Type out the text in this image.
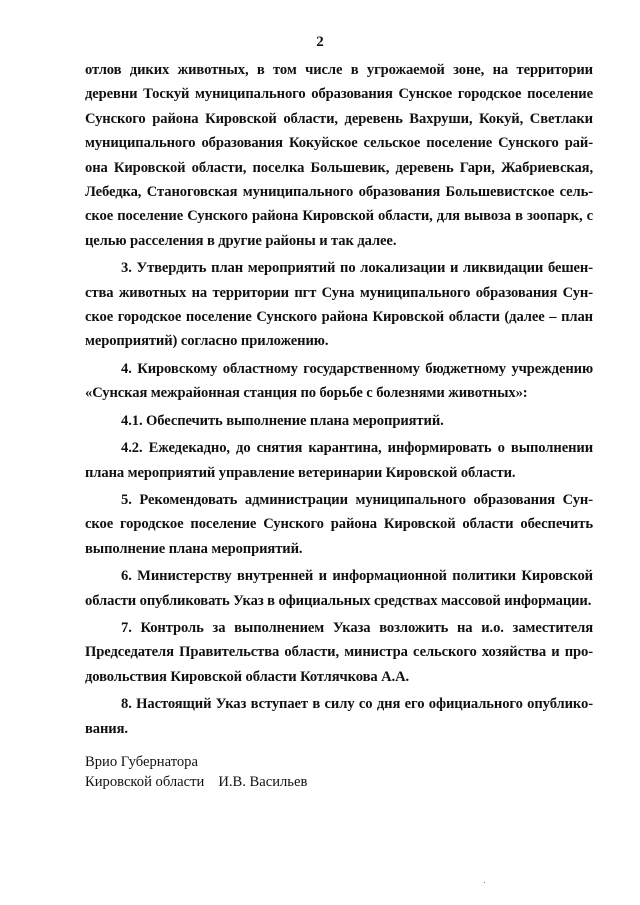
2
отлов диких животных, в том числе в угрожаемой зоне, на территории
деревни Тоскуй муниципального образования Сунское городское поселение
Сунского района Кировской области, деревень Вахруши, Кокуй, Светлаки
муниципального образования Кокуйское сельское поселение Сунского рай-
она Кировской области, поселка Большевик, деревень Гари, Жабриевская,
Лебедка, Станоговская муниципального образования Большевистское сель-
ское поселение Сунского района Кировской области, для вывоза в зоопарк, с
целью расселения в другие районы и так далее.
3. Утвердить план мероприятий по локализации и ликвидации бешен-
ства животных на территории пгт Суна муниципального образования Сун-
ское городское поселение Сунского района Кировской области (далее – план
мероприятий) согласно приложению.
4. Кировскому областному государственному бюджетному учреждению
«Сунская межрайонная станция по борьбе с болезнями животных»:
4.1. Обеспечить выполнение плана мероприятий.
4.2. Ежедекадно, до снятия карантина, информировать о выполнении
плана мероприятий управление ветеринарии Кировской области.
5. Рекомендовать администрации муниципального образования Сун-
ское городское поселение Сунского района Кировской области обеспечить
выполнение плана мероприятий.
6. Министерству внутренней и информационной политики Кировской
области опубликовать Указ в официальных средствах массовой информации.
7. Контроль за выполнением Указа возложить на и.о. заместителя
Председателя Правительства области, министра сельского хозяйства и про-
довольствия Кировской области Котлячкова А.А.
8. Настоящий Указ вступает в силу со дня его официального опублико-
вания.
Врио Губернатора
Кировской области И.В. Васильев
